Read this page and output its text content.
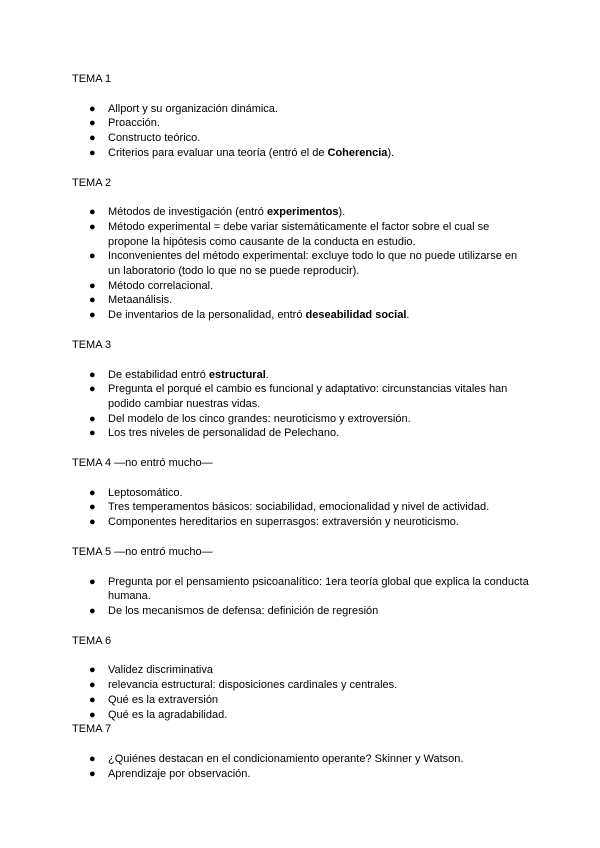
TEMA 1

● Allport y su organización dinámica.
● Proacción.
● Constructo teórico.
● Criterios para evaluar una teoría (entró el de Coherencia).

TEMA 2

● Métodos de investigación (entró experimentos).
● Método experimental = debe variar sistemáticamente el factor sobre el cual se propone la hipótesis como causante de la conducta en estudio.
● Inconvenientes del método experimental: excluye todo lo que no puede utilizarse en un laboratorio (todo lo que no se puede reproducir).
● Método correlacional.
● Metaanálisis.
● De inventarios de la personalidad, entró deseabilidad social.

TEMA 3

● De estabilidad entró estructural.
● Pregunta el porqué el cambio es funcional y adaptativo: circunstancias vitales han podido cambiar nuestras vidas.
● Del modelo de los cinco grandes: neuroticismo y extroversión.
● Los tres niveles de personalidad de Pelechano.

TEMA 4 —no entró mucho—

● Leptosomático.
● Tres temperamentos básicos: sociabilidad, emocionalidad y nivel de actividad.
● Componentes hereditarios en superrasgos: extraversión y neuroticismo.

TEMA 5 —no entró mucho—

● Pregunta por el pensamiento psicoanalítico: 1era teoría global que explica la conducta humana.
● De los mecanismos de defensa: definición de regresión

TEMA 6

● Validez discriminativa
● relevancia estructural: disposiciones cardinales y centrales.
● Qué es la extraversión
● Qué es la agradabilidad.

TEMA 7

● ¿Quiénes destacan en el condicionamiento operante? Skinner y Watson.
● Aprendizaje por observación.
